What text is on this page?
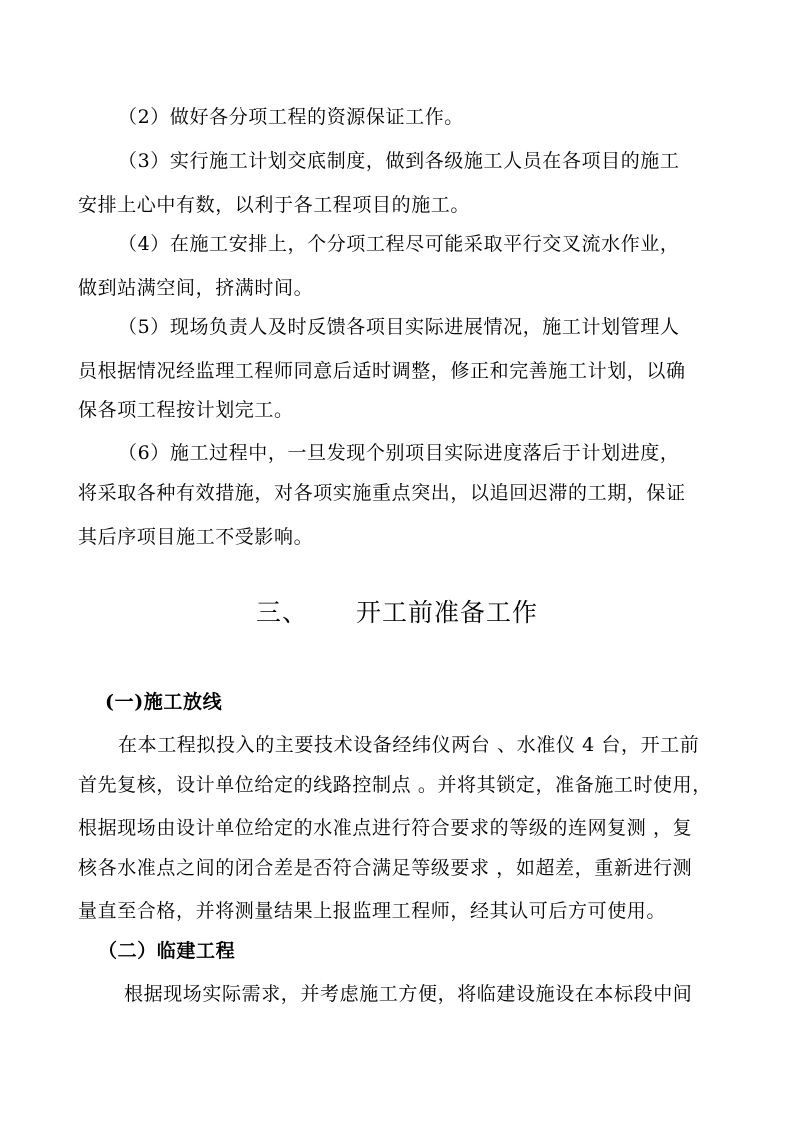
（2）做好各分项工程的资源保证工作。
（3）实行施工计划交底制度，做到各级施工人员在各项目的施工
安排上心中有数，以利于各工程项目的施工。
（4）在施工安排上，个分项工程尽可能采取平行交叉流水作业，
做到站满空间，挤满时间。
（5）现场负责人及时反馈各项目实际进展情况，施工计划管理人
员根据情况经监理工程师同意后适时调整，修正和完善施工计划，以确
保各项工程按计划完工。
（6）施工过程中，一旦发现个别项目实际进度落后于计划进度，
将采取各种有效措施，对各项实施重点突出，以追回迟滞的工期，保证
其后序项目施工不受影响。
三、 开工前准备工作
(一)施工放线
在本工程拟投入的主要技术设备经纬仪两台 、水准仪 4 台，开工前
首先复核，设计单位给定的线路控制点 。并将其锁定，准备施工时使用，
根据现场由设计单位给定的水准点进行符合要求的等级的连网复测 ，复
核各水准点之间的闭合差是否符合满足等级要求 ，如超差，重新进行测
量直至合格，并将测量结果上报监理工程师，经其认可后方可使用。
（二）临建工程
根据现场实际需求，并考虑施工方便，将临建设施设在本标段中间
